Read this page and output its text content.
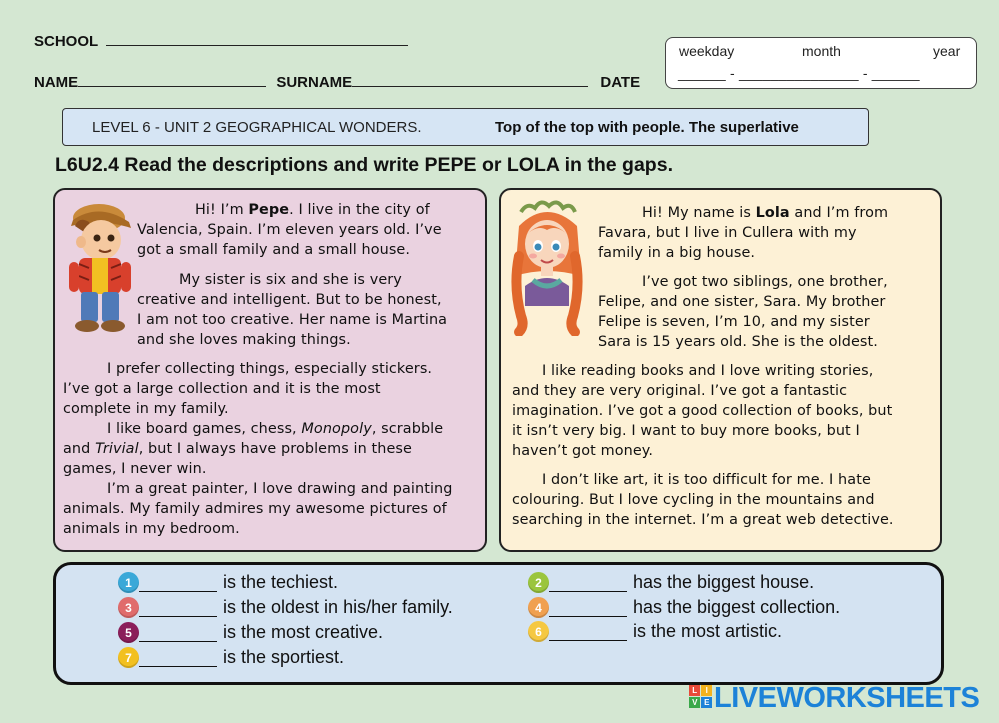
SCHOOL
NAME	SURNAME	DATE
weekday	month	year
______ - _______________ - ______
LEVEL 6 - UNIT 2 GEOGRAPHICAL WONDERS.	Top of the top with people. The superlative
L6U2.4 Read the descriptions and write PEPE or LOLA in the gaps.

Hi! I’m Pepe. I live in the city of

Valencia, Spain. I’m eleven years old. I’ve

got a small family and a small house.

My sister is six and she is very

creative and intelligent. But to be honest,

I am not too creative. Her name is Martina

and she loves making things.

I prefer collecting things, especially stickers.

I’ve got a large collection and it is the most

complete in my family.

I like board games, chess, Monopoly, scrabble

and Trivial, but I always have problems in these

games, I never win.

I’m a great painter, I love drawing and painting

animals. My family admires my awesome pictures of

animals in my bedroom.

Hi! My name is Lola and I’m from

Favara, but I live in Cullera with my

family in a big house.

I’ve got two siblings, one brother,

Felipe, and one sister, Sara. My brother

Felipe is seven, I’m 10, and my sister

Sara is 15 years old. She is the oldest.

I like reading books and I love writing stories,

and they are very original. I’ve got a fantastic

imagination. I’ve got a good collection of books, but

it isn’t very big. I want to buy more books, but I

haven’t got money.

I don’t like art, it is too difficult for me. I hate

colouring. But I love cycling in the mountains and

searching in the internet. I’m a great web detective.

1	is the techiest.	2	has the biggest house.
3	is the oldest in his/her family.	4	has the biggest collection.
5	is the most creative.	6	is the most artistic.
7	is the sportiest.
L	I
V E LIVEWORKSHEETS
